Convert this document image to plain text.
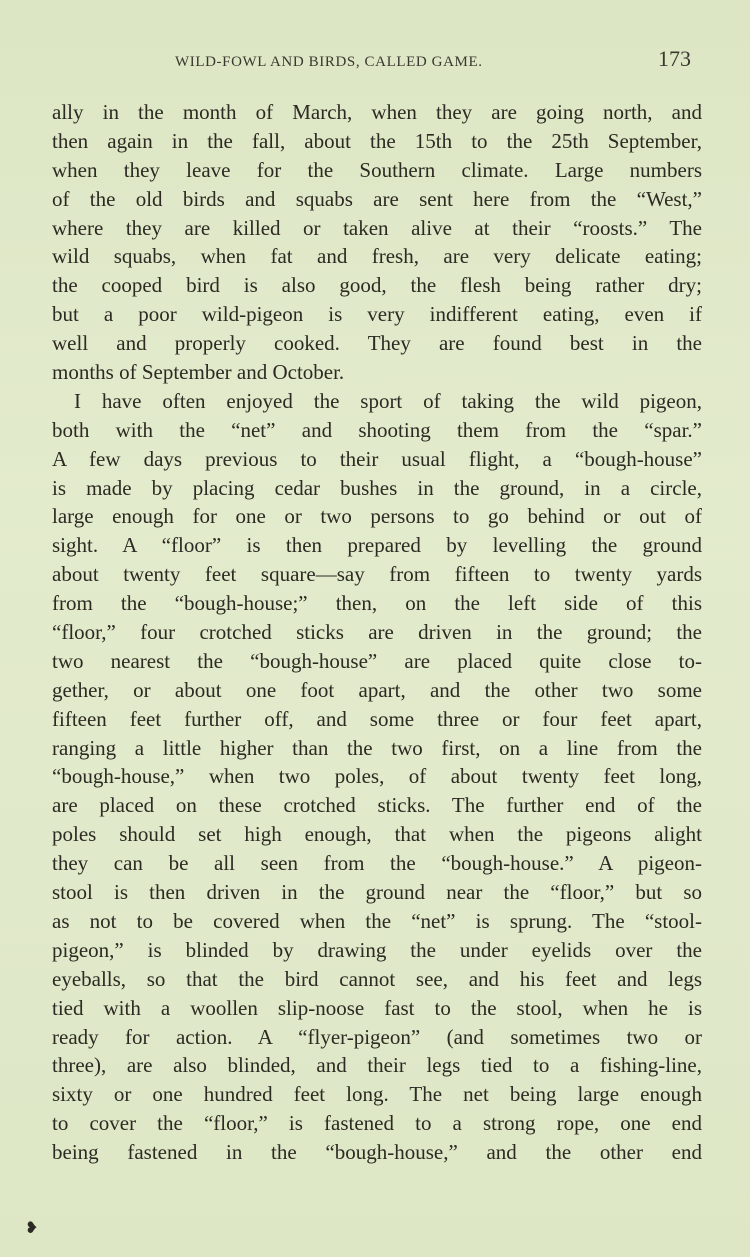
WILD-FOWL AND BIRDS, CALLED GAME.	173
ally in the month of March, when they are going north, and
then again in the fall, about the 15th to the 25th September,
when they leave for the Southern climate. Large numbers
of the old birds and squabs are sent here from the “West,”
where they are killed or taken alive at their “roosts.” The
wild squabs, when fat and fresh, are very delicate eating;
the cooped bird is also good, the flesh being rather dry;
but a poor wild-pigeon is very indifferent eating, even if
well and properly cooked. They are found best in the
months of September and October.
I have often enjoyed the sport of taking the wild pigeon,
both with the “net” and shooting them from the “spar.”
A few days previous to their usual flight, a “bough-house”
is made by placing cedar bushes in the ground, in a circle,
large enough for one or two persons to go behind or out of
sight. A “floor” is then prepared by levelling the ground
about twenty feet square—say from fifteen to twenty yards
from the “bough-house;” then, on the left side of this
“floor,” four crotched sticks are driven in the ground; the
two nearest the “bough-house” are placed quite close to-
gether, or about one foot apart, and the other two some
fifteen feet further off, and some three or four feet apart,
ranging a little higher than the two first, on a line from the
“bough-house,” when two poles, of about twenty feet long,
are placed on these crotched sticks. The further end of the
poles should set high enough, that when the pigeons alight
they can be all seen from the “bough-house.” A pigeon-
stool is then driven in the ground near the “floor,” but so
as not to be covered when the “net” is sprung. The “stool-
pigeon,” is blinded by drawing the under eyelids over the
eyeballs, so that the bird cannot see, and his feet and legs
tied with a woollen slip-noose fast to the stool, when he is
ready for action. A “flyer-pigeon” (and sometimes two or
three), are also blinded, and their legs tied to a fishing-line,
sixty or one hundred feet long. The net being large enough
to cover the “floor,” is fastened to a strong rope, one end
being fastened in the “bough-house,” and the other end
❥
